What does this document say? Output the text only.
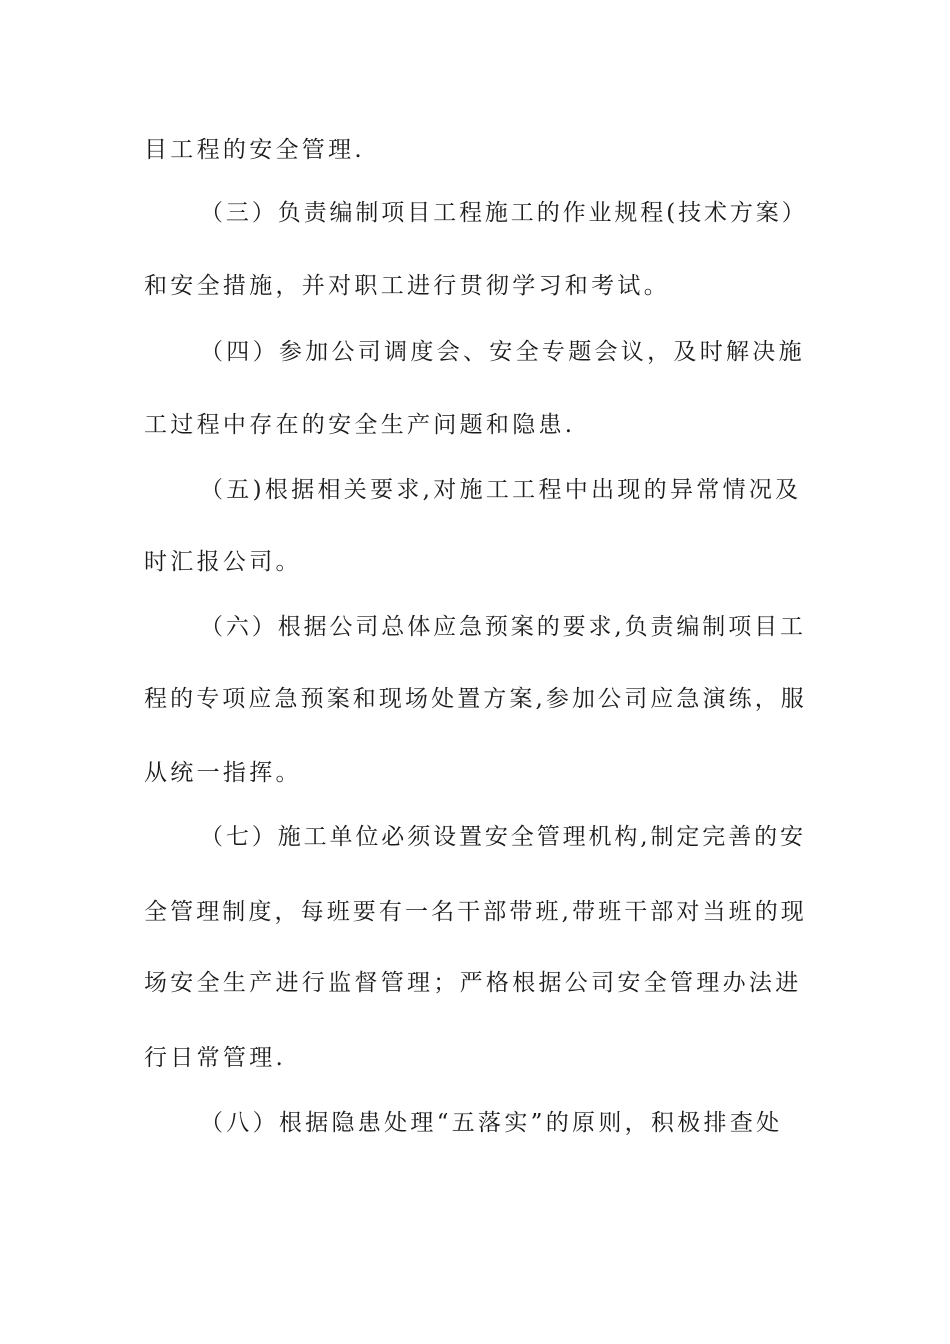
目工程的安全管理.
（三）负责编制项目工程施工的作业规程(技术方案）
和安全措施，并对职工进行贯彻学习和考试。
（四）参加公司调度会、安全专题会议，及时解决施
工过程中存在的安全生产问题和隐患.
（五)根据相关要求,对施工工程中出现的异常情况及
时汇报公司。
（六）根据公司总体应急预案的要求,负责编制项目工
程的专项应急预案和现场处置方案,参加公司应急演练，服
从统一指挥。
（七）施工单位必须设置安全管理机构,制定完善的安
全管理制度，每班要有一名干部带班,带班干部对当班的现
场安全生产进行监督管理；严格根据公司安全管理办法进
行日常管理.
（八）根据隐患处理“五落实”的原则，积极排查处
